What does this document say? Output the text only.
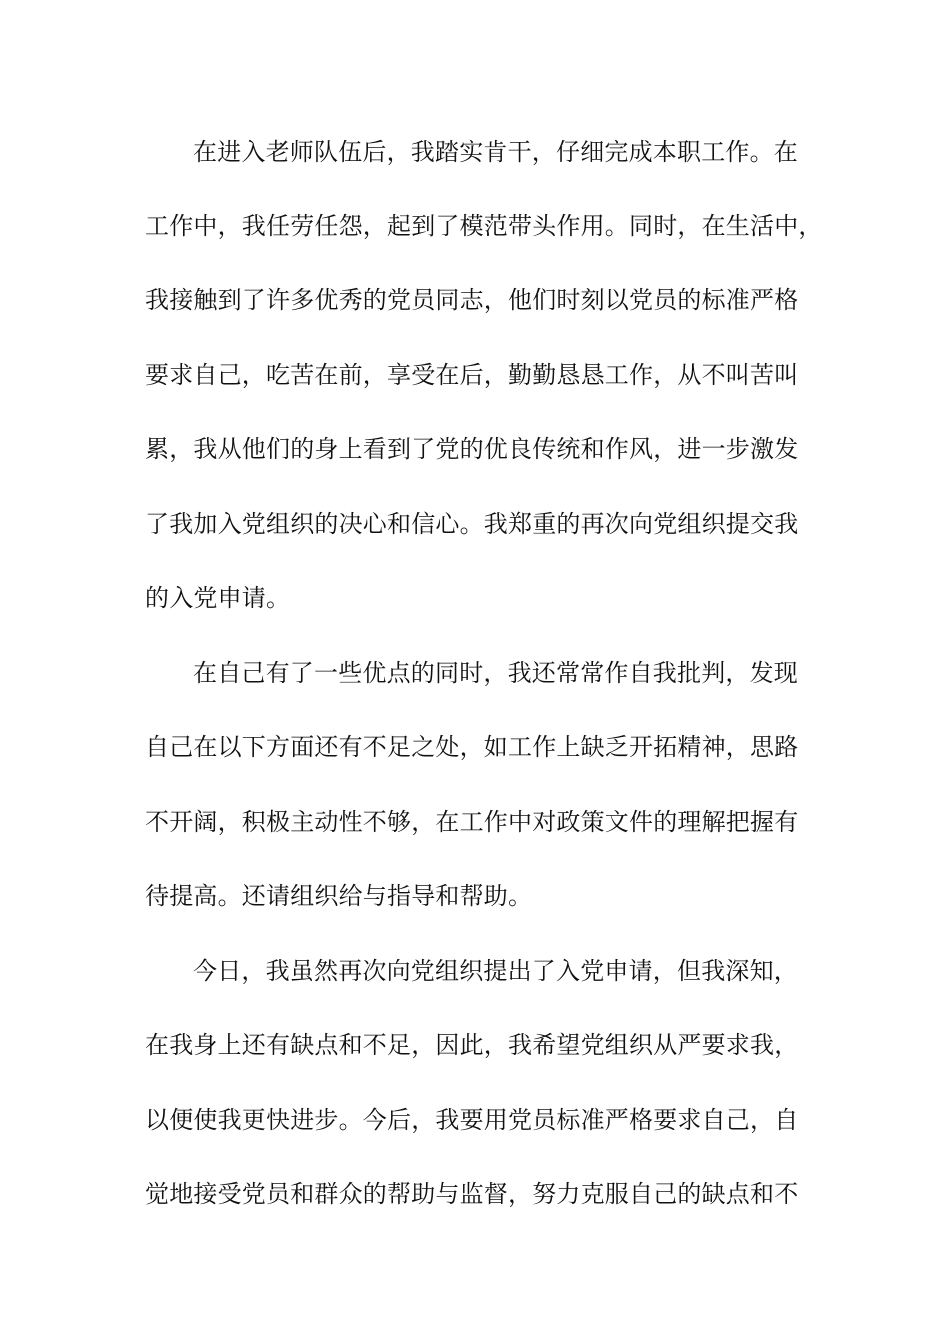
在进入老师队伍后，我踏实肯干，仔细完成本职工作。在
工作中，我任劳任怨，起到了模范带头作用。同时，在生活中，
我接触到了许多优秀的党员同志，他们时刻以党员的标准严格
要求自己，吃苦在前，享受在后，勤勤恳恳工作，从不叫苦叫
累，我从他们的身上看到了党的优良传统和作风，进一步激发
了我加入党组织的决心和信心。我郑重的再次向党组织提交我
的入党申请。
在自己有了一些优点的同时，我还常常作自我批判，发现
自己在以下方面还有不足之处，如工作上缺乏开拓精神，思路
不开阔，积极主动性不够，在工作中对政策文件的理解把握有
待提高。还请组织给与指导和帮助。
今日，我虽然再次向党组织提出了入党申请，但我深知，
在我身上还有缺点和不足，因此，我希望党组织从严要求我，
以便使我更快进步。今后，我要用党员标准严格要求自己，自
觉地接受党员和群众的帮助与监督，努力克服自己的缺点和不
